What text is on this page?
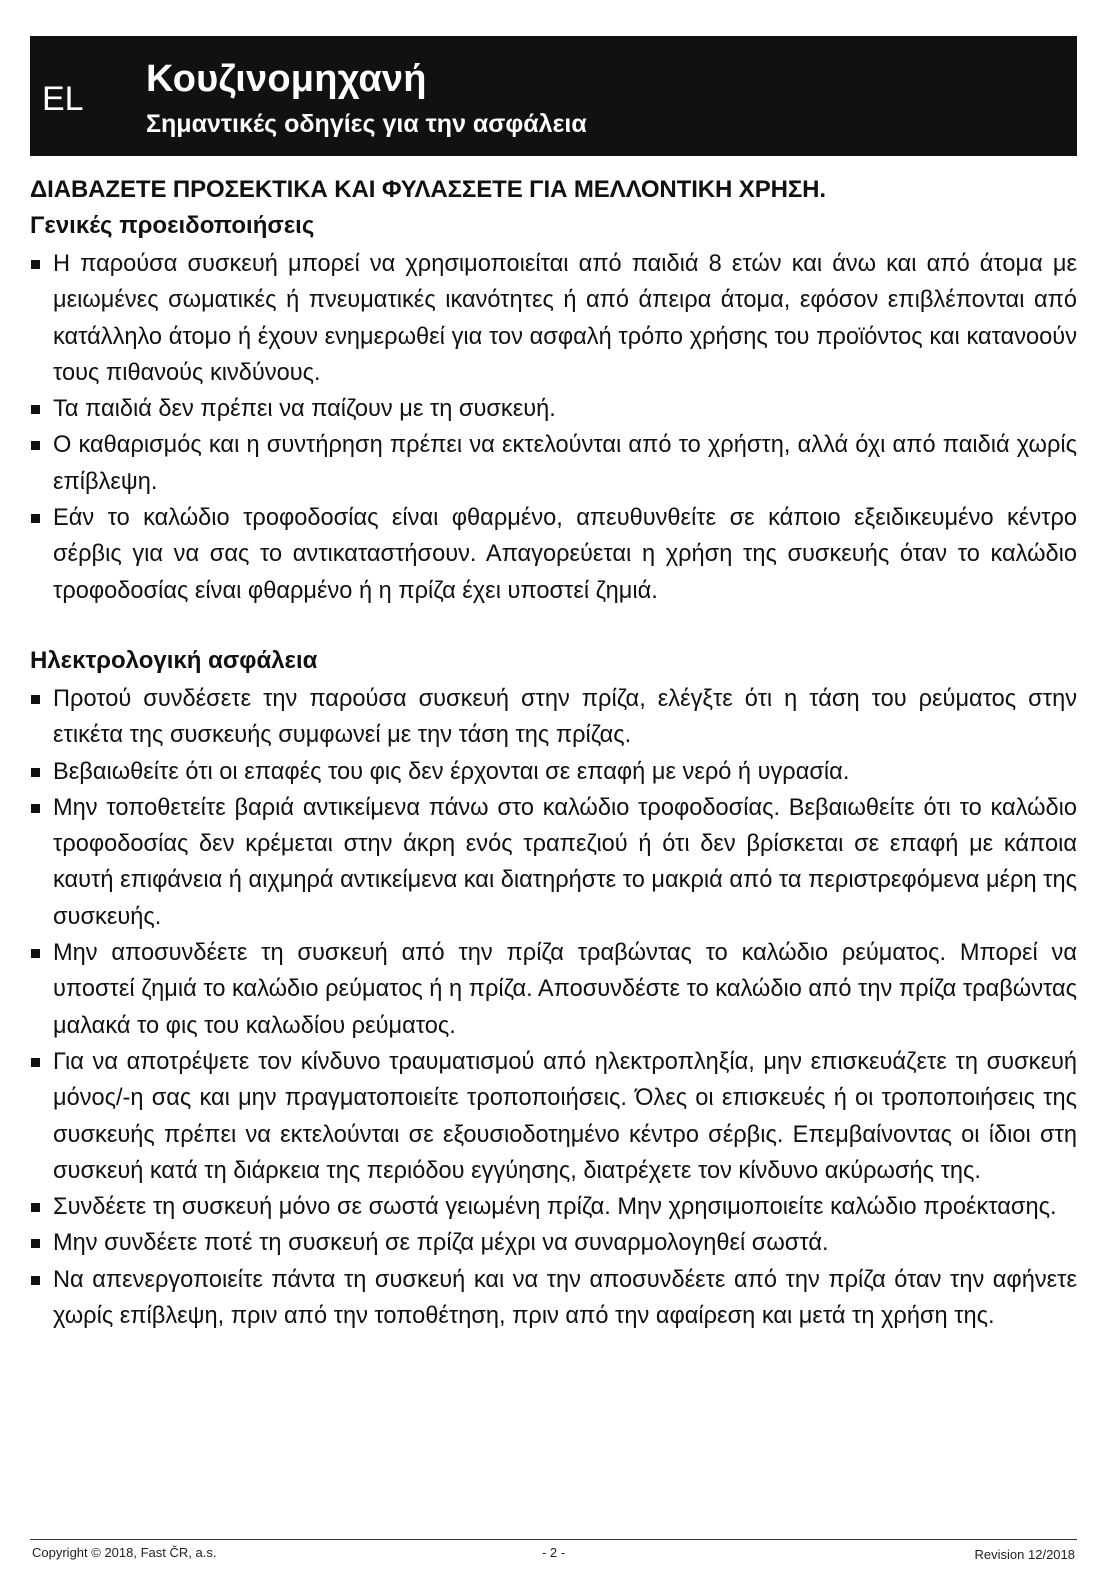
EL Κουζινομηχανή
Σημαντικές οδηγίες για την ασφάλεια
ΔΙΑΒΑΖΕΤΕ ΠΡΟΣΕΚΤΙΚΑ ΚΑΙ ΦΥΛΑΣΣΕΤΕ ΓΙΑ ΜΕΛΛΟΝΤΙΚΗ ΧΡΗΣΗ.
Γενικές προειδοποιήσεις
Η παρούσα συσκευή μπορεί να χρησιμοποιείται από παιδιά 8 ετών και άνω και από άτομα με μειωμένες σωματικές ή πνευματικές ικανότητες ή από άπειρα άτομα, εφόσον επιβλέπονται από κατάλληλο άτομο ή έχουν ενημερωθεί για τον ασφαλή τρόπο χρήσης του προϊόντος και κατανοούν τους πιθανούς κινδύνους.
Τα παιδιά δεν πρέπει να παίζουν με τη συσκευή.
Ο καθαρισμός και η συντήρηση πρέπει να εκτελούνται από το χρήστη, αλλά όχι από παιδιά χωρίς επίβλεψη.
Εάν το καλώδιο τροφοδοσίας είναι φθαρμένο, απευθυνθείτε σε κάποιο εξειδικευμένο κέντρο σέρβις για να σας το αντικαταστήσουν. Απαγορεύεται η χρήση της συσκευής όταν το καλώδιο τροφοδοσίας είναι φθαρμένο ή η πρίζα έχει υποστεί ζημιά.
Ηλεκτρολογική ασφάλεια
Προτού συνδέσετε την παρούσα συσκευή στην πρίζα, ελέγξτε ότι η τάση του ρεύματος στην ετικέτα της συσκευής συμφωνεί με την τάση της πρίζας.
Βεβαιωθείτε ότι οι επαφές του φις δεν έρχονται σε επαφή με νερό ή υγρασία.
Μην τοποθετείτε βαριά αντικείμενα πάνω στο καλώδιο τροφοδοσίας. Βεβαιωθείτε ότι το καλώδιο τροφοδοσίας δεν κρέμεται στην άκρη ενός τραπεζιού ή ότι δεν βρίσκεται σε επαφή με κάποια καυτή επιφάνεια ή αιχμηρά αντικείμενα και διατηρήστε το μακριά από τα περιστρεφόμενα μέρη της συσκευής.
Μην αποσυνδέετε τη συσκευή από την πρίζα τραβώντας το καλώδιο ρεύματος. Μπορεί να υποστεί ζημιά το καλώδιο ρεύματος ή η πρίζα. Αποσυνδέστε το καλώδιο από την πρίζα τραβώντας μαλακά το φις του καλωδίου ρεύματος.
Για να αποτρέψετε τον κίνδυνο τραυματισμού από ηλεκτροπληξία, μην επισκευάζετε τη συσκευή μόνος/-η σας και μην πραγματοποιείτε τροποποιήσεις. Όλες οι επισκευές ή οι τροποποιήσεις της συσκευής πρέπει να εκτελούνται σε εξουσιοδοτημένο κέντρο σέρβις. Επεμβαίνοντας οι ίδιοι στη συσκευή κατά τη διάρκεια της περιόδου εγγύησης, διατρέχετε τον κίνδυνο ακύρωσής της.
Συνδέετε τη συσκευή μόνο σε σωστά γειωμένη πρίζα. Μην χρησιμοποιείτε καλώδιο προέκτασης.
Μην συνδέετε ποτέ τη συσκευή σε πρίζα μέχρι να συναρμολογηθεί σωστά.
Να απενεργοποιείτε πάντα τη συσκευή και να την αποσυνδέετε από την πρίζα όταν την αφήνετε χωρίς επίβλεψη, πριν από την τοποθέτηση, πριν από την αφαίρεση και μετά τη χρήση της.
Copyright © 2018, Fast ČR, a.s.	- 2 -	Revision 12/2018
